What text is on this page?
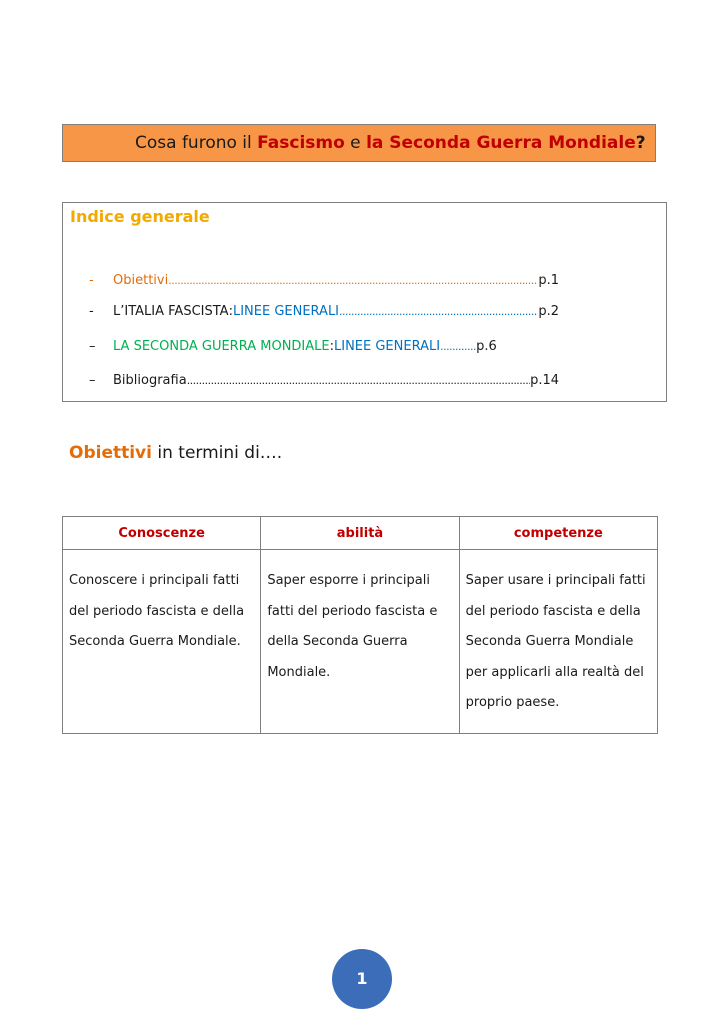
Cosa furono il Fascismo e la Seconda Guerra Mondiale?
Indice generale
-	Obiettivi .....	p.1
-	L’ITALIA FASCISTA : LINEE GENERALI .....	p.2
–	LA SECONDA GUERRA MONDIALE : LINEE GENERALI .....	p.6
–	Bibliografia .....	p.14
Obiettivi in termini di….
Conoscenze	abilità	competenze
Conoscere i principali fatti del periodo fascista e della Seconda Guerra Mondiale.	Saper esporre i principali fatti del periodo fascista e della Seconda Guerra Mondiale.	Saper usare i principali fatti del periodo fascista e della Seconda Guerra Mondiale per applicarli alla realtà del proprio paese.
1
